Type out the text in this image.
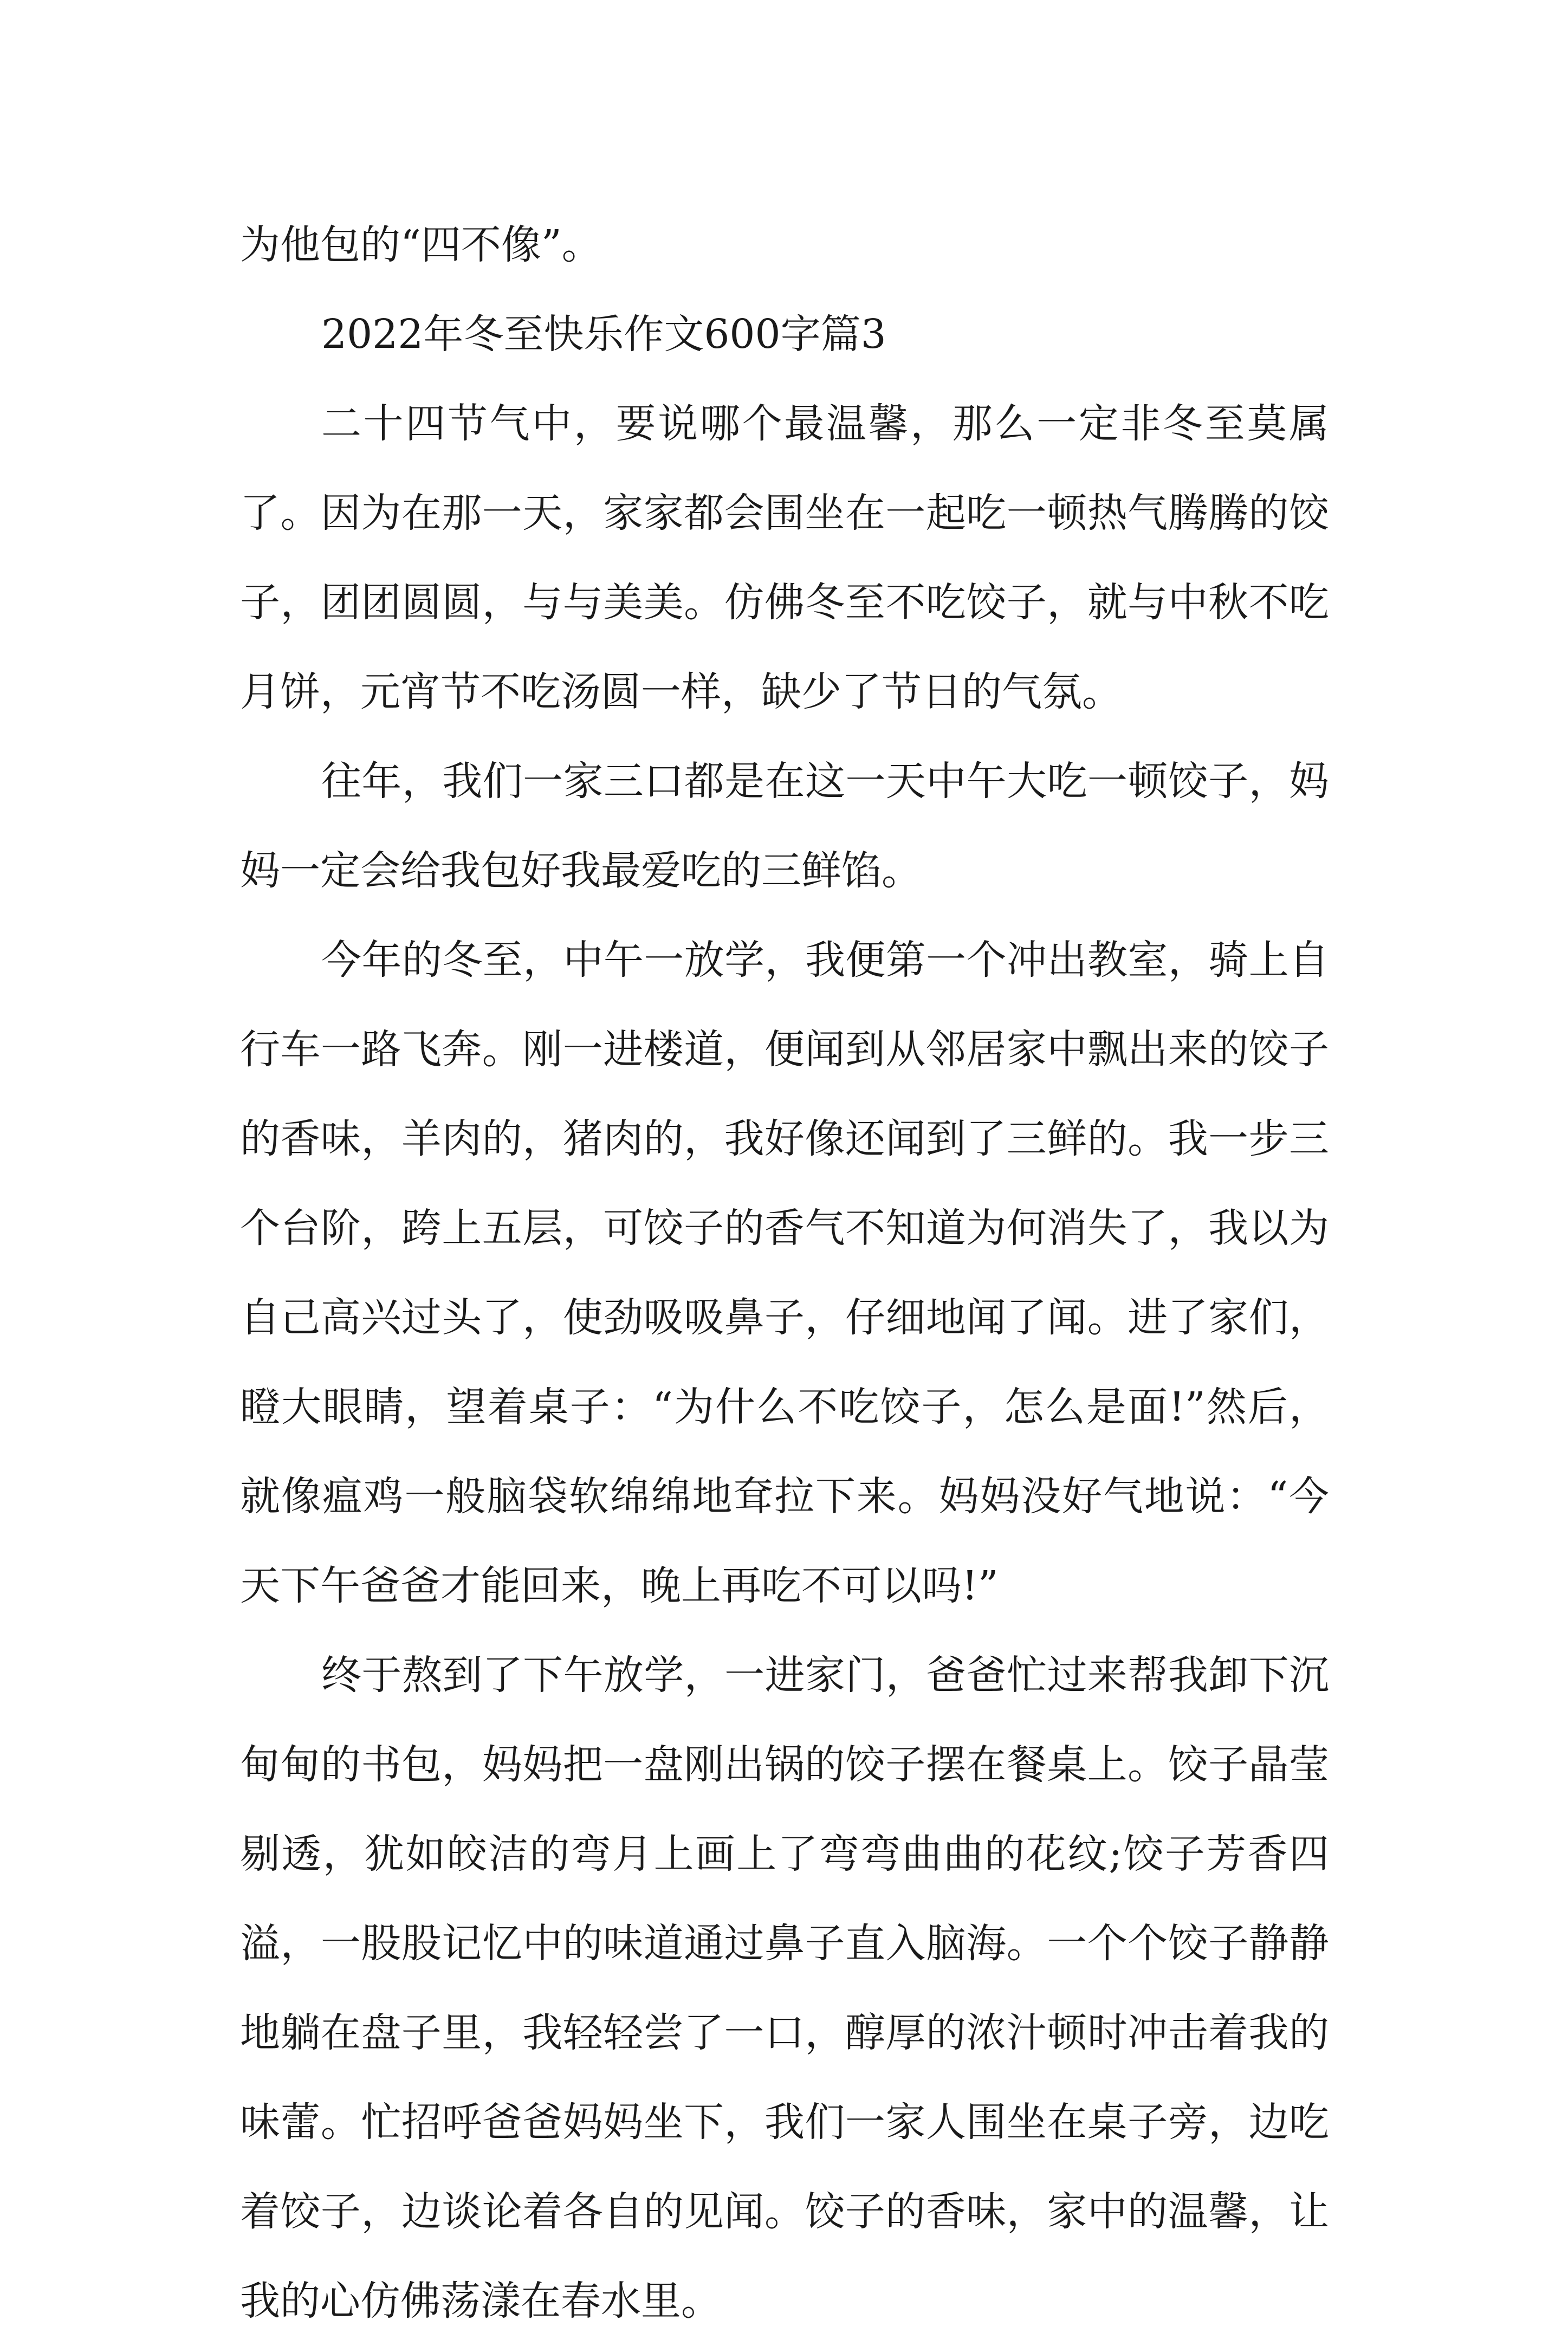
为他包的“四不像”。

2022年冬至快乐作文600字篇3

二十四节气中，要说哪个最温馨，那么一定非冬至莫属了。因为在那一天，家家都会围坐在一起吃一顿热气腾腾的饺子，团团圆圆，与与美美。仿佛冬至不吃饺子，就与中秋不吃月饼，元宵节不吃汤圆一样，缺少了节日的气氛。

往年，我们一家三口都是在这一天中午大吃一顿饺子，妈妈一定会给我包好我最爱吃的三鲜馅。

今年的冬至，中午一放学，我便第一个冲出教室，骑上自行车一路飞奔。刚一进楼道，便闻到从邻居家中飘出来的饺子的香味，羊肉的，猪肉的，我好像还闻到了三鲜的。我一步三个台阶，跨上五层，可饺子的香气不知道为何消失了，我以为自己高兴过头了，使劲吸吸鼻子，仔细地闻了闻。进了家们，瞪大眼睛，望着桌子：“为什么不吃饺子，怎么是面!”然后，就像瘟鸡一般脑袋软绵绵地耷拉下来。妈妈没好气地说：“今天下午爸爸才能回来，晚上再吃不可以吗!”

终于熬到了下午放学，一进家门，爸爸忙过来帮我卸下沉甸甸的书包，妈妈把一盘刚出锅的饺子摆在餐桌上。饺子晶莹剔透，犹如皎洁的弯月上画上了弯弯曲曲的花纹;饺子芳香四溢，一股股记忆中的味道通过鼻子直入脑海。一个个饺子静静地躺在盘子里，我轻轻尝了一口，醇厚的浓汁顿时冲击着我的味蕾。忙招呼爸爸妈妈坐下，我们一家人围坐在桌子旁，边吃着饺子，边谈论着各自的见闻。饺子的香味，家中的温馨，让我的心仿佛荡漾在春水里。
